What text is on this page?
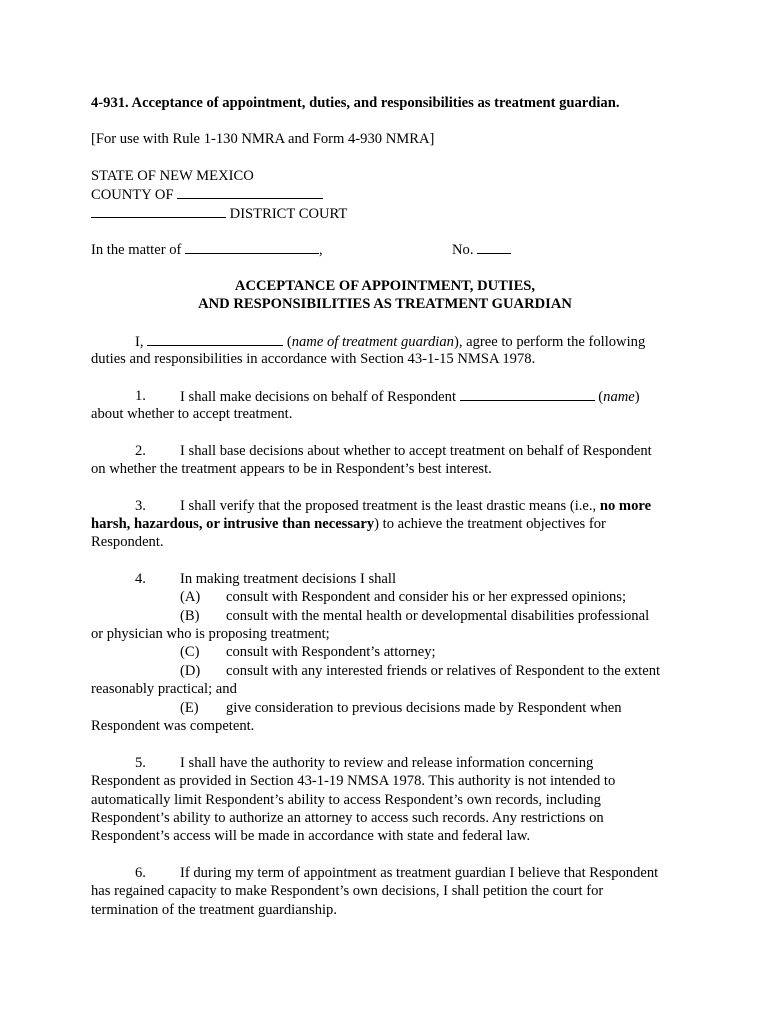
4-931. Acceptance of appointment, duties, and responsibilities as treatment guardian.
[For use with Rule 1-130 NMRA and Form 4-930 NMRA]
STATE OF NEW MEXICO
COUNTY OF
DISTRICT COURT
In the matter of	,	No.
ACCEPTANCE OF APPOINTMENT, DUTIES,
AND RESPONSIBILITIES AS TREATMENT GUARDIAN
I,	(name of treatment guardian), agree to perform the following
duties and responsibilities in accordance with Section 43-1-15 NMSA 1978.
1. I shall make decisions on behalf of Respondent	(name)
about whether to accept treatment.
2. I shall base decisions about whether to accept treatment on behalf of Respondent
on whether the treatment appears to be in Respondent’s best interest.
3. I shall verify that the proposed treatment is the least drastic means (i.e., no more
harsh, hazardous, or intrusive than necessary) to achieve the treatment objectives for
Respondent.
4. In making treatment decisions I shall
(A) consult with Respondent and consider his or her expressed opinions;
(B) consult with the mental health or developmental disabilities professional
or physician who is proposing treatment;
(C) consult with Respondent’s attorney;
(D) consult with any interested friends or relatives of Respondent to the extent
reasonably practical; and
(E) give consideration to previous decisions made by Respondent when
Respondent was competent.
5. I shall have the authority to review and release information concerning
Respondent as provided in Section 43-1-19 NMSA 1978. This authority is not intended to
automatically limit Respondent’s ability to access Respondent’s own records, including
Respondent’s ability to authorize an attorney to access such records. Any restrictions on
Respondent’s access will be made in accordance with state and federal law.
6. If during my term of appointment as treatment guardian I believe that Respondent
has regained capacity to make Respondent’s own decisions, I shall petition the court for
termination of the treatment guardianship.
